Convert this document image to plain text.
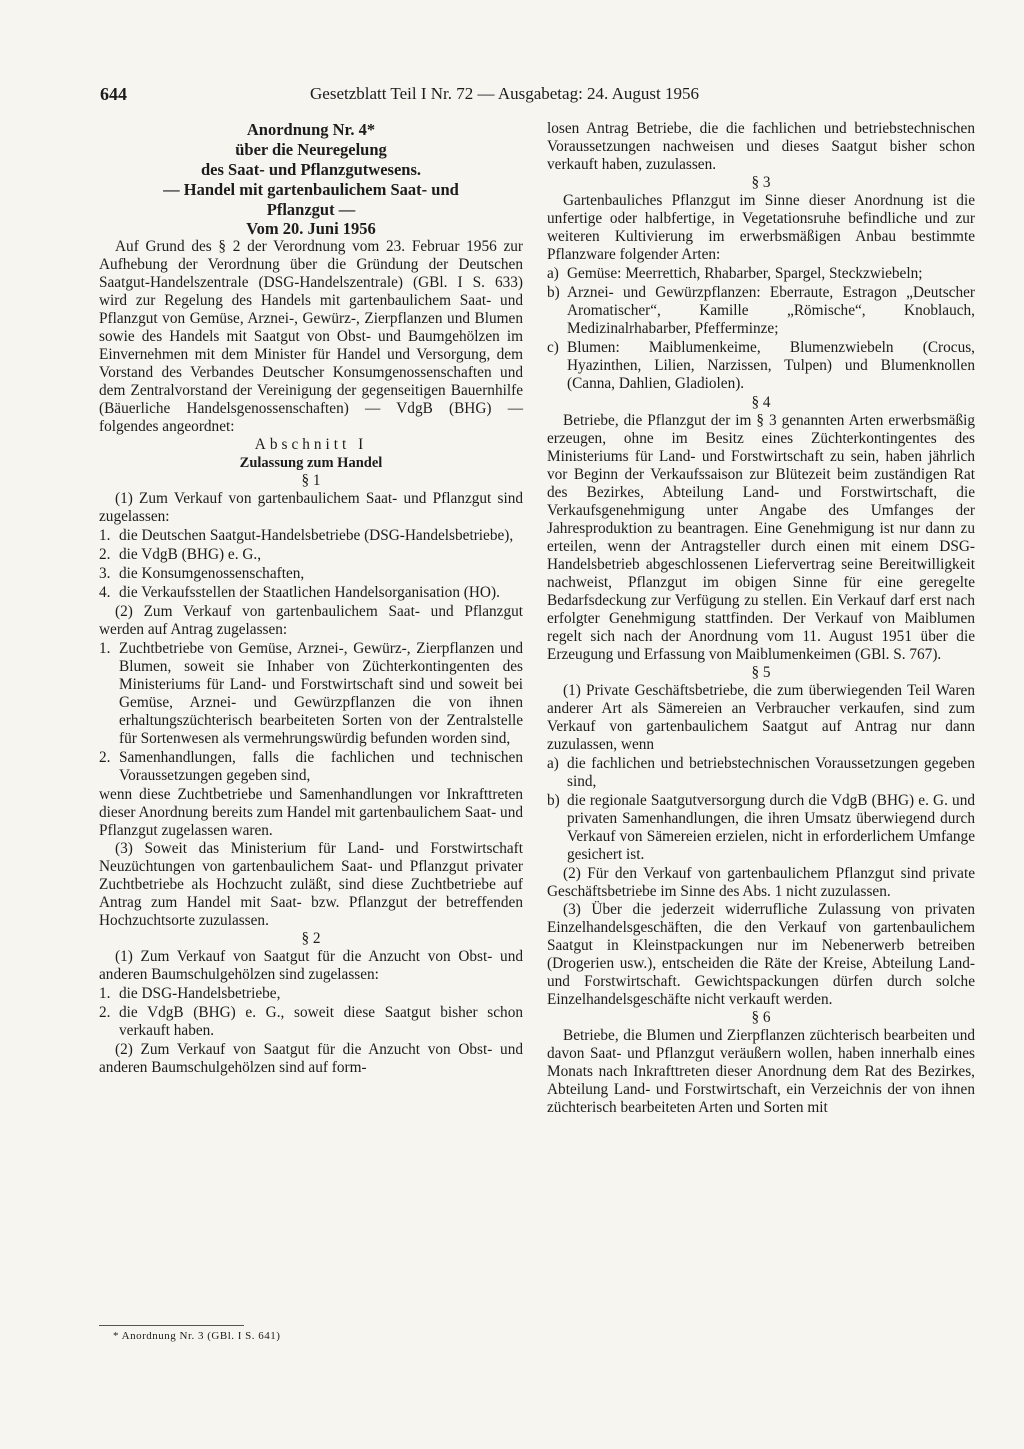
644	Gesetzblatt Teil I Nr. 72 — Ausgabetag: 24. August 1956

Anordnung Nr. 4*

über die Neuregelung

des Saat- und Pflanzgutwesens.

— Handel mit gartenbaulichem Saat- und

Pflanzgut —

Vom 20. Juni 1956

Auf Grund des § 2 der Verordnung vom 23. Februar 1956 zur Aufhebung der Verordnung über die Gründung der Deutschen Saatgut-Handelszentrale (DSG-Handelszentrale) (GBl. I S. 633) wird zur Regelung des Handels mit gartenbaulichem Saat- und Pflanzgut von Gemüse, Arznei-, Gewürz-, Zierpflanzen und Blumen sowie des Handels mit Saatgut von Obst- und Baumgehölzen im Einvernehmen mit dem Minister für Handel und Versorgung, dem Vorstand des Verbandes Deutscher Konsumgenossenschaften und dem Zentralvorstand der Vereinigung der gegenseitigen Bauernhilfe (Bäuerliche Handelsgenossenschaften) — VdgB (BHG) — folgendes angeordnet:

Abschnitt I

Zulassung zum Handel

§ 1

(1) Zum Verkauf von gartenbaulichem Saat- und Pflanzgut sind zugelassen:

1. die Deutschen Saatgut-Handelsbetriebe (DSG-Handelsbetriebe),
2. die VdgB (BHG) e. G.,
3. die Konsumgenossenschaften,
4. die Verkaufsstellen der Staatlichen Handelsorganisation (HO).

(2) Zum Verkauf von gartenbaulichem Saat- und Pflanzgut werden auf Antrag zugelassen:

1. Zuchtbetriebe von Gemüse, Arznei-, Gewürz-, Zierpflanzen und Blumen, soweit sie Inhaber von Züchterkontingenten des Ministeriums für Land- und Forstwirtschaft sind und soweit bei Gemüse, Arznei- und Gewürzpflanzen die von ihnen erhaltungszüchterisch bearbeiteten Sorten von der Zentralstelle für Sortenwesen als vermehrungswürdig befunden worden sind,
2. Samenhandlungen, falls die fachlichen und technischen Voraussetzungen gegeben sind,

wenn diese Zuchtbetriebe und Samenhandlungen vor Inkrafttreten dieser Anordnung bereits zum Handel mit gartenbaulichem Saat- und Pflanzgut zugelassen waren.

(3) Soweit das Ministerium für Land- und Forstwirtschaft Neuzüchtungen von gartenbaulichem Saat- und Pflanzgut privater Zuchtbetriebe als Hochzucht zuläßt, sind diese Zuchtbetriebe auf Antrag zum Handel mit Saat- bzw. Pflanzgut der betreffenden Hochzuchtsorte zuzulassen.

§ 2

(1) Zum Verkauf von Saatgut für die Anzucht von Obst- und anderen Baumschulgehölzen sind zugelassen:

1. die DSG-Handelsbetriebe,
2. die VdgB (BHG) e. G., soweit diese Saatgut bisher schon verkauft haben.

(2) Zum Verkauf von Saatgut für die Anzucht von Obst- und anderen Baumschulgehölzen sind auf form-

* Anordnung Nr. 3 (GBl. I S. 641)

losen Antrag Betriebe, die die fachlichen und betriebstechnischen Voraussetzungen nachweisen und dieses Saatgut bisher schon verkauft haben, zuzulassen.

§ 3

Gartenbauliches Pflanzgut im Sinne dieser Anordnung ist die unfertige oder halbfertige, in Vegetationsruhe befindliche und zur weiteren Kultivierung im erwerbsmäßigen Anbau bestimmte Pflanzware folgender Arten:

a) Gemüse: Meerrettich, Rhabarber, Spargel, Steckzwiebeln;
b) Arznei- und Gewürzpflanzen: Eberraute, Estragon „Deutscher Aromatischer“, Kamille „Römische“, Knoblauch, Medizinalrhabarber, Pfefferminze;
c) Blumen: Maiblumenkeime, Blumenzwiebeln (Crocus, Hyazinthen, Lilien, Narzissen, Tulpen) und Blumenknollen (Canna, Dahlien, Gladiolen).

§ 4

Betriebe, die Pflanzgut der im § 3 genannten Arten erwerbsmäßig erzeugen, ohne im Besitz eines Züchterkontingentes des Ministeriums für Land- und Forstwirtschaft zu sein, haben jährlich vor Beginn der Verkaufssaison zur Blütezeit beim zuständigen Rat des Bezirkes, Abteilung Land- und Forstwirtschaft, die Verkaufsgenehmigung unter Angabe des Umfanges der Jahresproduktion zu beantragen. Eine Genehmigung ist nur dann zu erteilen, wenn der Antragsteller durch einen mit einem DSG-Handelsbetrieb abgeschlossenen Liefervertrag seine Bereitwilligkeit nachweist, Pflanzgut im obigen Sinne für eine geregelte Bedarfsdeckung zur Verfügung zu stellen. Ein Verkauf darf erst nach erfolgter Genehmigung stattfinden. Der Verkauf von Maiblumen regelt sich nach der Anordnung vom 11. August 1951 über die Erzeugung und Erfassung von Maiblumenkeimen (GBl. S. 767).

§ 5

(1) Private Geschäftsbetriebe, die zum überwiegenden Teil Waren anderer Art als Sämereien an Verbraucher verkaufen, sind zum Verkauf von gartenbaulichem Saatgut auf Antrag nur dann zuzulassen, wenn

a) die fachlichen und betriebstechnischen Voraussetzungen gegeben sind,
b) die regionale Saatgutversorgung durch die VdgB (BHG) e. G. und privaten Samenhandlungen, die ihren Umsatz überwiegend durch Verkauf von Sämereien erzielen, nicht in erforderlichem Umfange gesichert ist.

(2) Für den Verkauf von gartenbaulichem Pflanzgut sind private Geschäftsbetriebe im Sinne des Abs. 1 nicht zuzulassen.

(3) Über die jederzeit widerrufliche Zulassung von privaten Einzelhandelsgeschäften, die den Verkauf von gartenbaulichem Saatgut in Kleinstpackungen nur im Nebenerwerb betreiben (Drogerien usw.), entscheiden die Räte der Kreise, Abteilung Land- und Forstwirtschaft. Gewichtspackungen dürfen durch solche Einzelhandelsgeschäfte nicht verkauft werden.

§ 6

Betriebe, die Blumen und Zierpflanzen züchterisch bearbeiten und davon Saat- und Pflanzgut veräußern wollen, haben innerhalb eines Monats nach Inkrafttreten dieser Anordnung dem Rat des Bezirkes, Abteilung Land- und Forstwirtschaft, ein Verzeichnis der von ihnen züchterisch bearbeiteten Arten und Sorten mit
